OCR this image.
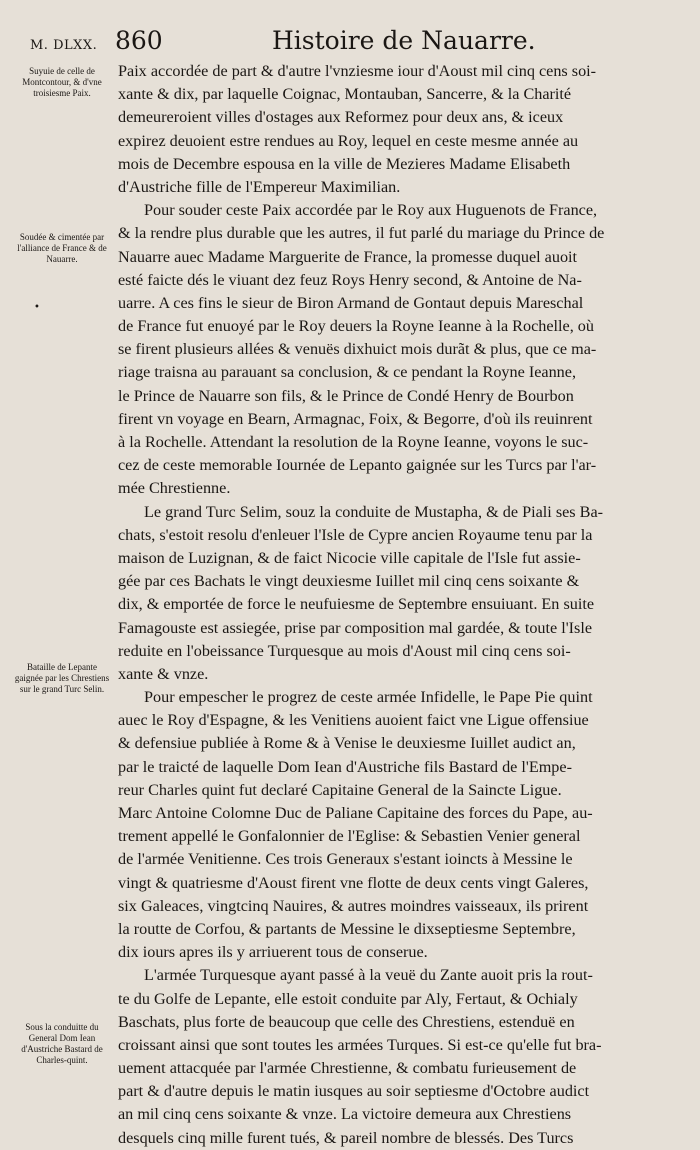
M. DLXX. 860	Histoire de Nauarre.
Suyuie de celle de Montcontour, & d'vne troisiesme Paix.
Soudée & cimentée par l'alliance de France & de Nauarre.
•
Bataille de Lepante gaignée par les Chrestiens sur le grand Turc Selin.
Sous la conduitte du General Dom Iean d'Austriche Bastard de Charles-quint.
Paix accordée de part & d'autre l'vnziesme iour d'Aoust mil cinq cens soi-
xante & dix, par laquelle Coignac, Montauban, Sancerre, & la Charité
demeureroient villes d'ostages aux Reformez pour deux ans, & iceux
expirez deuoient estre rendues au Roy, lequel en ceste mesme année au
mois de Decembre espousa en la ville de Mezieres Madame Elisabeth
d'Austriche fille de l'Empereur Maximilian.
Pour souder ceste Paix accordée par le Roy aux Huguenots de France,
& la rendre plus durable que les autres, il fut parlé du mariage du Prince de
Nauarre auec Madame Marguerite de France, la promesse duquel auoit
esté faicte dés le viuant dez feuz Roys Henry second, & Antoine de Na-
uarre. A ces fins le sieur de Biron Armand de Gontaut depuis Mareschal
de France fut enuoyé par le Roy deuers la Royne Ieanne à la Rochelle, où
se firent plusieurs allées & venuës dixhuict mois durãt & plus, que ce ma-
riage traisna au parauant sa conclusion, & ce pendant la Royne Ieanne,
le Prince de Nauarre son fils, & le Prince de Condé Henry de Bourbon
firent vn voyage en Bearn, Armagnac, Foix, & Begorre, d'où ils reuinrent
à la Rochelle. Attendant la resolution de la Royne Ieanne, voyons le suc-
cez de ceste memorable Iournée de Lepanto gaignée sur les Turcs par l'ar-
mée Chrestienne.
Le grand Turc Selim, souz la conduite de Mustapha, & de Piali ses Ba-
chats, s'estoit resolu d'enleuer l'Isle de Cypre ancien Royaume tenu par la
maison de Luzignan, & de faict Nicocie ville capitale de l'Isle fut assie-
gée par ces Bachats le vingt deuxiesme Iuillet mil cinq cens soixante &
dix, & emportée de force le neufuiesme de Septembre ensuiuant. En suite
Famagouste est assiegée, prise par composition mal gardée, & toute l'Isle
reduite en l'obeissance Turquesque au mois d'Aoust mil cinq cens soi-
xante & vnze.
Pour empescher le progrez de ceste armée Infidelle, le Pape Pie quint
auec le Roy d'Espagne, & les Venitiens auoient faict vne Ligue offensiue
& defensiue publiée à Rome & à Venise le deuxiesme Iuillet audict an,
par le traicté de laquelle Dom Iean d'Austriche fils Bastard de l'Empe-
reur Charles quint fut declaré Capitaine General de la Saincte Ligue.
Marc Antoine Colomne Duc de Paliane Capitaine des forces du Pape, au-
trement appellé le Gonfalonnier de l'Eglise: & Sebastien Venier general
de l'armée Venitienne. Ces trois Generaux s'estant ioincts à Messine le
vingt & quatriesme d'Aoust firent vne flotte de deux cents vingt Galeres,
six Galeaces, vingtcinq Nauires, & autres moindres vaisseaux, ils prirent
la routte de Corfou, & partants de Messine le dixseptiesme Septembre,
dix iours apres ils y arriuerent tous de conserue.
L'armée Turquesque ayant passé à la veuë du Zante auoit pris la rout-
te du Golfe de Lepante, elle estoit conduite par Aly, Fertaut, & Ochialy
Baschats, plus forte de beaucoup que celle des Chrestiens, estenduë en
croissant ainsi que sont toutes les armées Turques. Si est-ce qu'elle fut bra-
uement attacquée par l'armée Chrestienne, & combatu furieusement de
part & d'autre depuis le matin iusques au soir septiesme d'Octobre audict
an mil cinq cens soixante & vnze. La victoire demeura aux Chrestiens
desquels cinq mille furent tués, & pareil nombre de blessés. Des Turcs
